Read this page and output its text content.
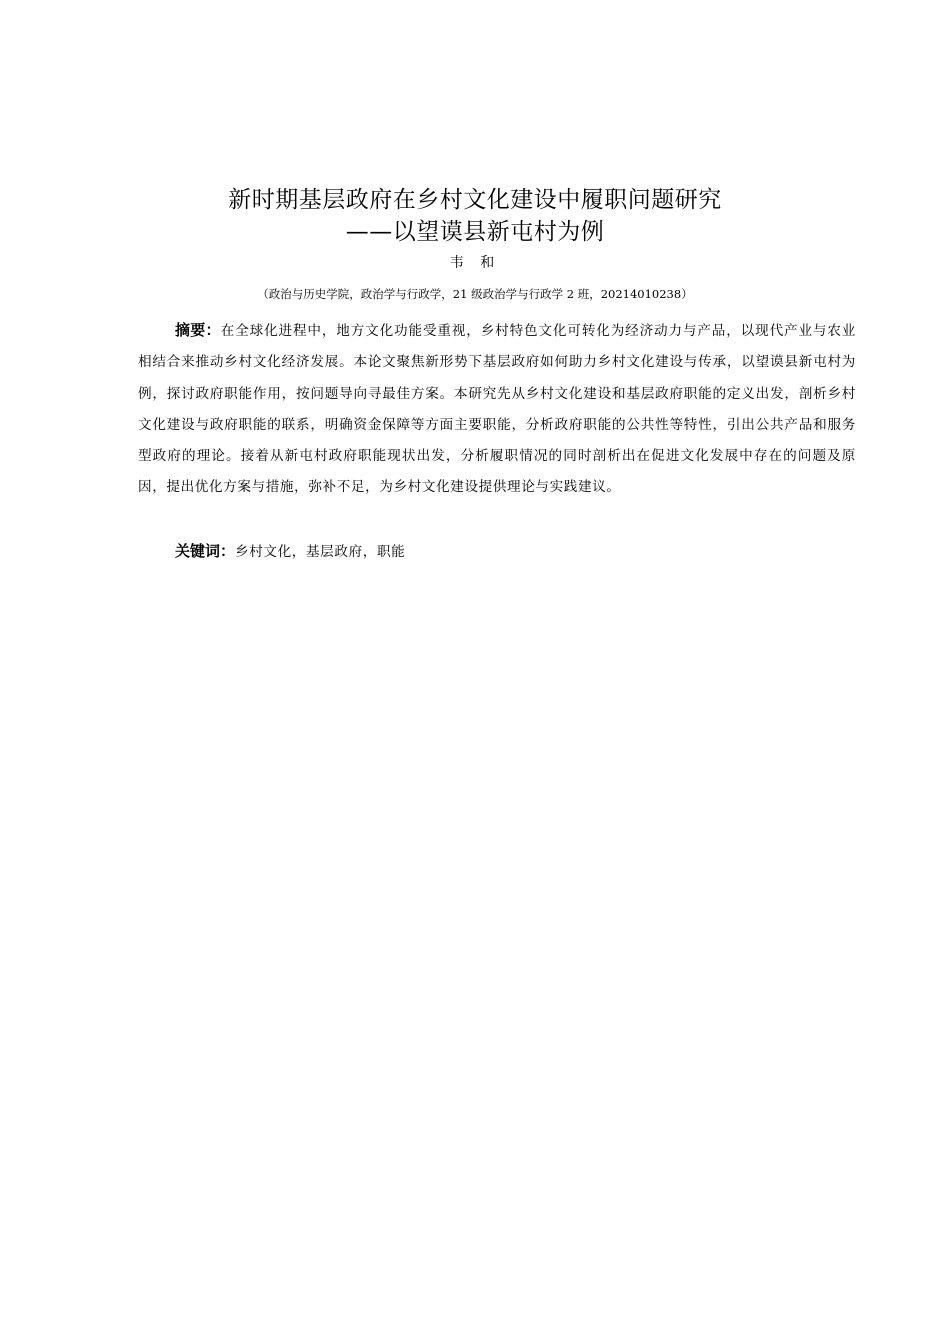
新时期基层政府在乡村文化建设中履职问题研究
——以望谟县新屯村为例
韦 和
（政治与历史学院，政治学与行政学，21 级政治学与行政学 2 班，20214010238）

摘要：在全球化进程中，地方文化功能受重视，乡村特色文化可转化为经济动力与产品，以现代产业与农业相结合来推动乡村文化经济发展。本论文聚焦新形势下基层政府如何助力乡村文化建设与传承，以望谟县新屯村为例，探讨政府职能作用，按问题导向寻最佳方案。本研究先从乡村文化建设和基层政府职能的定义出发，剖析乡村文化建设与政府职能的联系，明确资金保障等方面主要职能，分析政府职能的公共性等特性，引出公共产品和服务型政府的理论。接着从新屯村政府职能现状出发，分析履职情况的同时剖析出在促进文化发展中存在的问题及原因，提出优化方案与措施，弥补不足，为乡村文化建设提供理论与实践建议。

关键词：乡村文化，基层政府，职能
